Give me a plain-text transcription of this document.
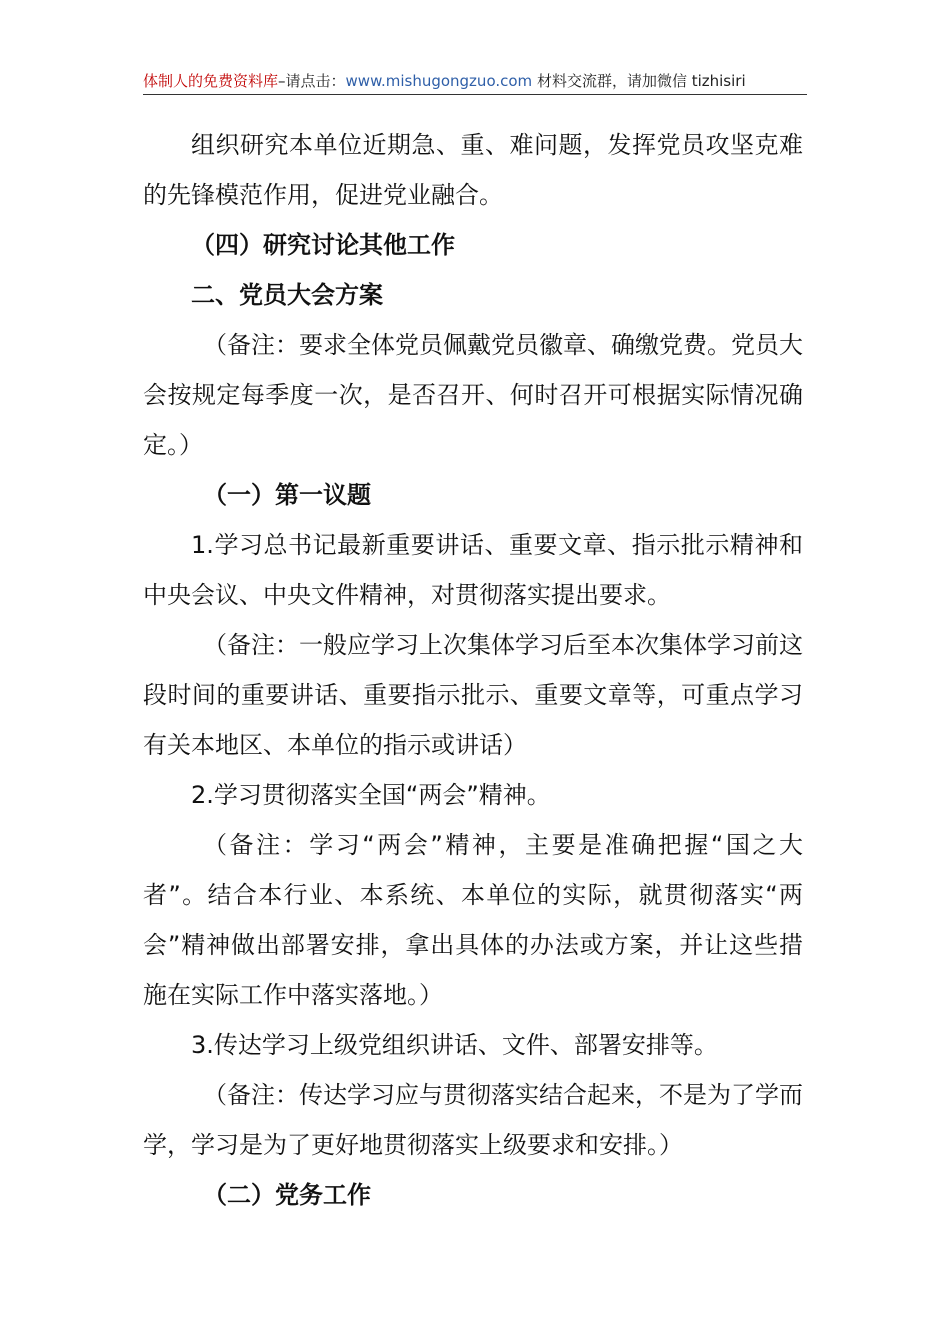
体制人的免费资料库–请点击：www.mishugongzuo.com 材料交流群，请加微信 tizhisiri

组织研究本单位近期急、重、难问题，发挥党员攻坚克难的先锋模范作用，促进党业融合。

（四）研究讨论其他工作

二、党员大会方案

（备注：要求全体党员佩戴党员徽章、确缴党费。党员大会按规定每季度一次，是否召开、何时召开可根据实际情况确定。）

（一）第一议题

1.学习总书记最新重要讲话、重要文章、指示批示精神和中央会议、中央文件精神，对贯彻落实提出要求。

（备注：一般应学习上次集体学习后至本次集体学习前这段时间的重要讲话、重要指示批示、重要文章等，可重点学习有关本地区、本单位的指示或讲话）

2.学习贯彻落实全国“两会”精神。

（备注：学习“两会”精神，主要是准确把握“国之大者”。结合本行业、本系统、本单位的实际，就贯彻落实“两会”精神做出部署安排，拿出具体的办法或方案，并让这些措施在实际工作中落实落地。）

3.传达学习上级党组织讲话、文件、部署安排等。

（备注：传达学习应与贯彻落实结合起来，不是为了学而学，学习是为了更好地贯彻落实上级要求和安排。）

（二）党务工作
